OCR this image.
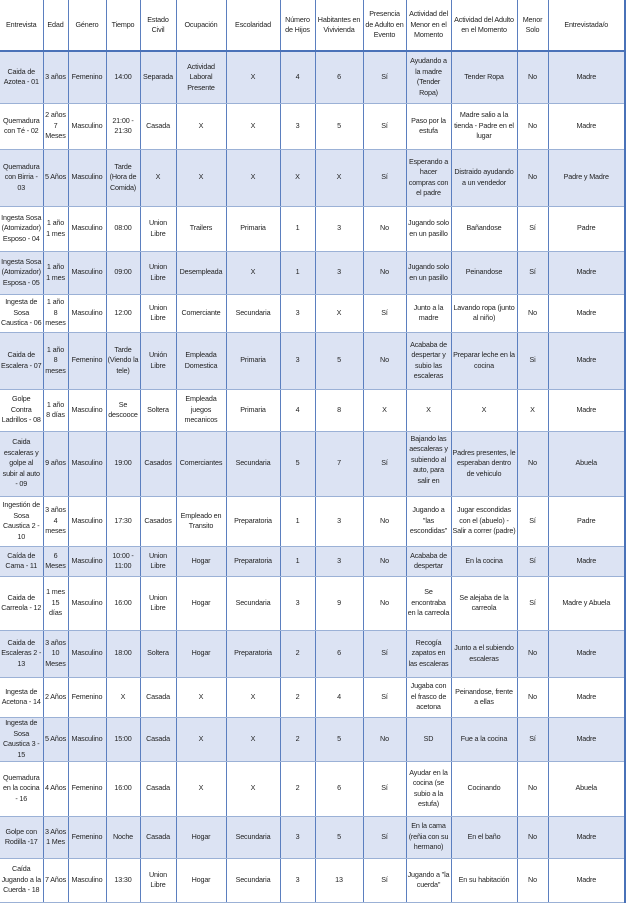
Entrevista	Edad	Género	Tiempo	Estado Civil	Ocupación	Escolaridad	Número de Hijos	Habitantes en Vivivienda	Presencia de Adulto en Evento	Actividad del Menor en el Momento	Actividad del Adulto en el Momento	Menor Solo	Entrevistada/o
Caida de Azotea - 01	3 años	Femenino	14:00	Separada	Actividad Laboral Presente	X	4	6	Sí	Ayudando a la madre (Tender Ropa)	Tender Ropa	No	Madre
Quemadura con Té - 02	2 años 7 Meses	Masculino	21:00 - 21:30	Casada	X	X	3	5	Sí	Paso por la estufa	Madre salio a la tienda - Padre en el lugar	No	Madre
Quemadura con Birria - 03	5 Años	Masculino	Tarde (Hora de Comida)	X	X	X	X	X	Sí	Esperando a hacer compras con el padre	Distraido ayudando a un vendedor	No	Padre y Madre
Ingesta Sosa (Atomizador) Esposo - 04	1 año 1 mes	Masculino	08:00	Union Libre	Trailers	Primaria	1	3	No	Jugando solo en un pasillo	Bañandose	Sí	Padre
Ingesta Sosa (Atomizador) Esposa - 05	1 año 1 mes	Masculino	09:00	Union Libre	Desempleada	X	1	3	No	Jugando solo en un pasillo	Peinandose	Sí	Madre
Ingesta de Sosa Caustica - 06	1 año 8 meses	Masculino	12:00	Union Libre	Comerciante	Secundaria	3	X	Sí	Junto a la madre	Lavando ropa (junto al niño)	No	Madre
Caida de Escalera - 07	1 año 8 meses	Femenino	Tarde (Viendo la tele)	Unión Libre	Empleada Domestica	Primaria	3	5	No	Acababa de despertar y subio las escaleras	Preparar leche en la cocina	Si	Madre
Golpe Contra Ladrillos - 08	1 año 8 días	Masculino	Se descooce	Soltera	Empleada juegos mecanicos	Primaria	4	8	X	X	X	X	Madre
Caida escaleras y golpe al subir al auto - 09	9 años	Masculino	19:00	Casados	Comerciantes	Secundaria	5	7	Sí	Bajando las aescaleras y subiendo al auto, para salir en	Padres presentes, le esperaban dentro de vehiculo	No	Abuela
Ingestión de Sosa Caustica 2 - 10	3 años 4 meses	Masculino	17:30	Casados	Empleado en Transito	Preparatoria	1	3	No	Jugando a "las escondidas"	Jugar escondidas con el (abuelo) - Salir a correr (padre)	Sí	Padre
Caída de Cama - 11	6 Meses	Masculino	10:00 - 11:00	Union Libre	Hogar	Preparatoria	1	3	No	Acababa de despertar	En la cocina	Sí	Madre
Caida de Carreola - 12	1 mes 15 días	Masculino	16:00	Union Libre	Hogar	Secundaria	3	9	No	Se encontraba en la carreola	Se alejaba de la carreola	Sí	Madre y Abuela
Caida de Escaleras 2 - 13	3 años 10 Meses	Masculino	18:00	Soltera	Hogar	Preparatoria	2	6	Sí	Recogía zapatos en las escaleras	Junto a el subiendo escaleras	No	Madre
Ingesta de Acetona - 14	2 Años	Femenino	X	Casada	X	X	2	4	Sí	Jugaba con el frasco de acetona	Peinandose, frente a ellas	No	Madre
Ingesta de Sosa Caustica 3 - 15	5 Años	Masculino	15:00	Casada	X	X	2	5	No	SD	Fue a la cocina	Sí	Madre
Quemadura en la cocina - 16	4 Años	Femenino	16:00	Casada	X	X	2	6	Sí	Ayudar en la cocina (se subio a la estufa)	Cocinando	No	Abuela
Golpe con Rodilla -17	3 Años 1 Mes	Femenino	Noche	Casada	Hogar	Secundaria	3	5	Sí	En la cama (reñia con su hermano)	En el baño	No	Madre
Caída Jugando a la Cuerda - 18	7 Años	Masculino	13:30	Union Libre	Hogar	Secundaria	3	13	Sí	Jugando a "la cuerda"	En su habitación	No	Madre
